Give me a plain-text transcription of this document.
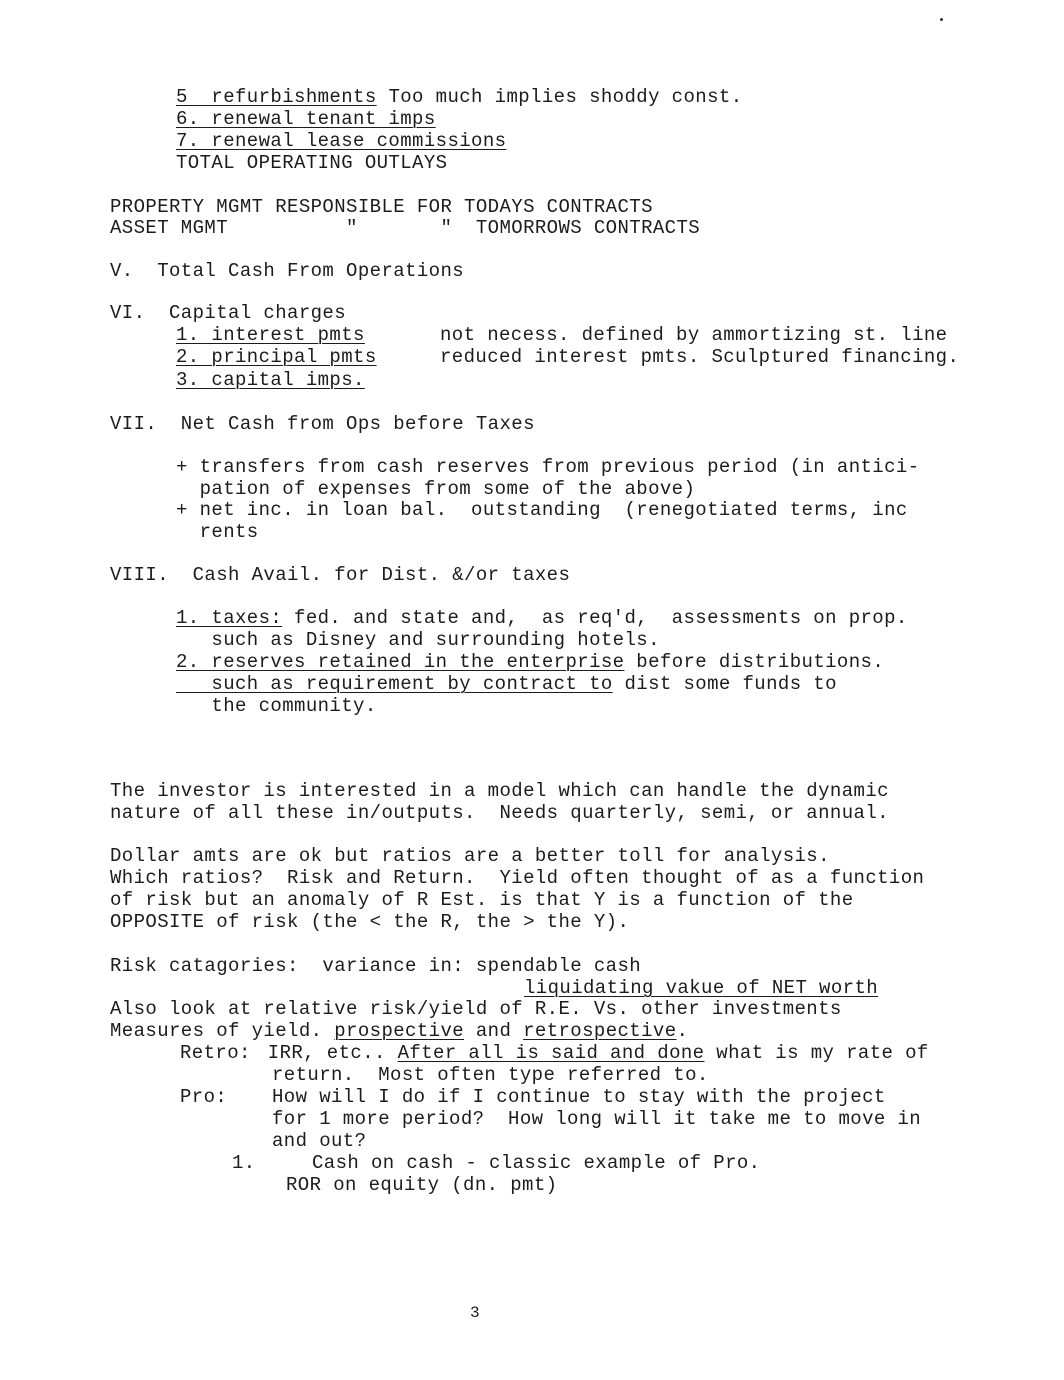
5  refurbishments Too much implies shoddy const.
6. renewal tenant imps
7. renewal lease commissions
TOTAL OPERATING OUTLAYS
PROPERTY MGMT RESPONSIBLE FOR TODAYS CONTRACTS
ASSET MGMT          "       "  TOMORROWS CONTRACTS
V.  Total Cash From Operations
VI.  Capital charges
1. interest pmts
2. principal pmts
3. capital imps.
not necess. defined by ammortizing st. line
reduced interest pmts. Sculptured financing.
VII.  Net Cash from Ops before Taxes
+ transfers from cash reserves from previous period (in antici-
pation of expenses from some of the above)
+ net inc. in loan bal.  outstanding  (renegotiated terms, inc
rents
VIII.  Cash Avail. for Dist. &/or taxes
1. taxes: fed. and state and,  as req'd,  assessments on prop.
such as Disney and surrounding hotels.
2. reserves retained in the enterprise before distributions.
such as requirement by contract to dist some funds to
the community.
The investor is interested in a model which can handle the dynamic
nature of all these in/outputs.  Needs quarterly, semi, or annual.
Dollar amts are ok but ratios are a better toll for analysis.
Which ratios?  Risk and Return.  Yield often thought of as a function
of risk but an anomaly of R Est. is that Y is a function of the
OPPOSITE of risk (the < the R, the > the Y).
Risk catagories:  variance in: spendable cash
liquidating vakue of NET worth
Also look at relative risk/yield of R.E. Vs. other investments
Measures of yield. prospective and retrospective.
Retro: IRR, etc.. After all is said and done what is my rate of
return.  Most often type referred to.
Pro: How will I do if I continue to stay with the project
for 1 more period?  How long will it take me to move in
and out?
1.	Cash on cash - classic example of Pro.
ROR on equity (dn. pmt)
3
